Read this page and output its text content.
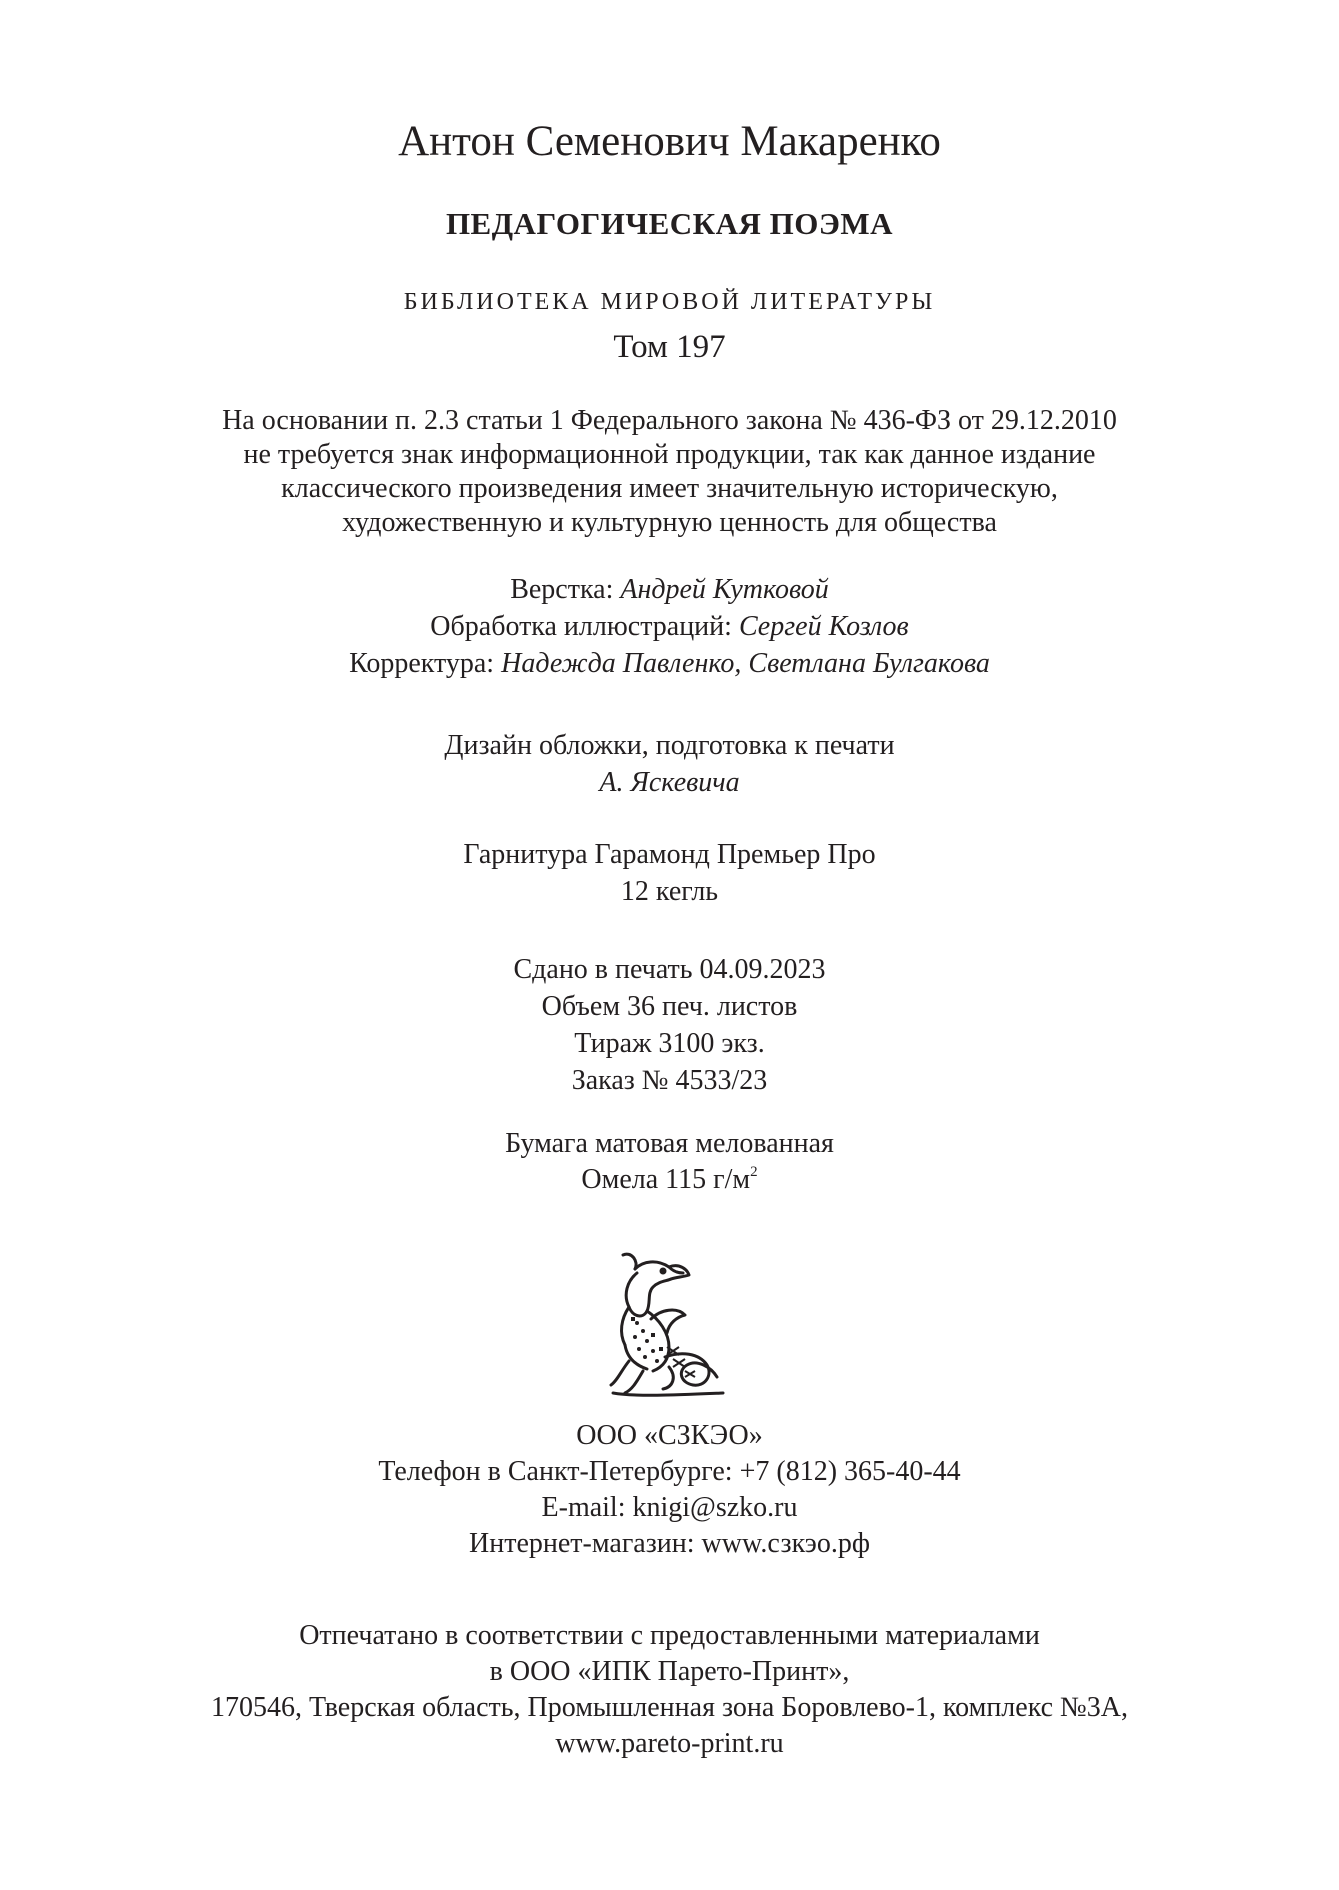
Антон Семенович Макаренко
ПЕДАГОГИЧЕСКАЯ ПОЭМА
БИБЛИОТЕКА МИРОВОЙ ЛИТЕРАТУРЫ
Том 197
На основании п. 2.3 статьи 1 Федерального закона № 436-ФЗ от 29.12.2010
не требуется знак информационной продукции, так как данное издание
классического произведения имеет значительную историческую,
художественную и культурную ценность для общества
Верстка: Андрей Кутковой
Обработка иллюстраций: Сергей Козлов
Корректура: Надежда Павленко, Светлана Булгакова
Дизайн обложки, подготовка к печати
А. Яскевича
Гарнитура Гарамонд Премьер Про
12 кегль
Сдано в печать 04.09.2023
Объем 36 печ. листов
Тираж 3100 экз.
Заказ № 4533/23
Бумага матовая мелованная
Омела 115 $г/м^2$
ООО «СЗКЭО»
Телефон в Санкт-Петербурге: +7 (812) 365-40-44
E-mail: knigi@szko.ru
Интернет-магазин: www.сзкэо.рф
Отпечатано в соответствии с предоставленными материалами
в ООО «ИПК Парето-Принт»,
170546, Тверская область, Промышленная зона Боровлево-1, комплекс №3А,
www.pareto-print.ru
